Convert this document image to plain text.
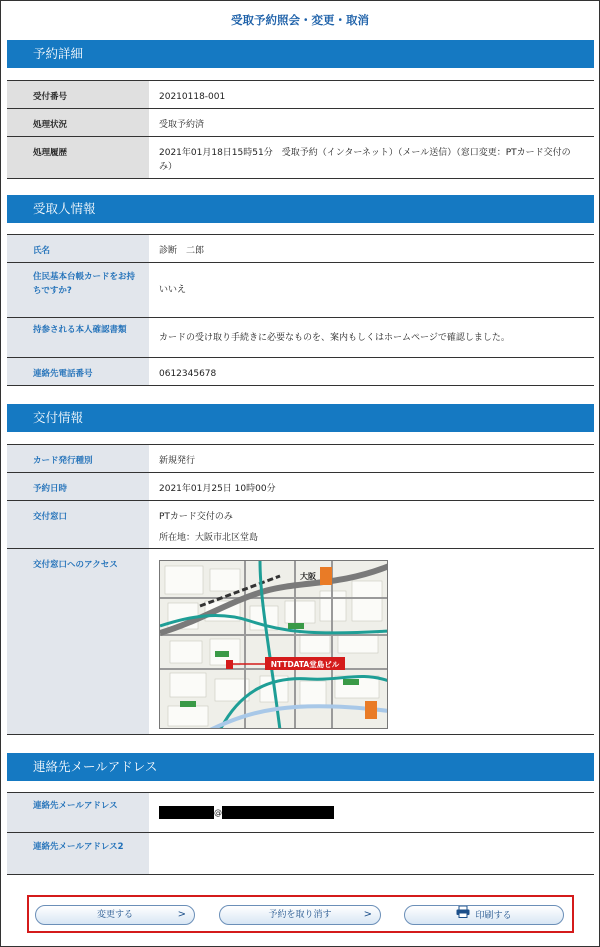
受取予約照会・変更・取消
予約詳細
受付番号	20210118-001
処理状況	受取予約済
処理履歴	2021年01月18日15時51分　受取予約（インターネット）（メール送信）（窓口変更：PTカード交付のみ）
受取人情報
氏名	診断　二郎
住民基本台帳カードをお持ちですか?	いいえ
持参される本人確認書類	カードの受け取り手続きに必要なものを、案内もしくはホームページで確認しました。
連絡先電話番号	0612345678
交付情報
カード発行種別	新規発行
予約日時	2021年01月25日 10時00分
交付窓口	PTカード交付のみ
所在地：大阪市北区堂島

交付窓口へのアクセス	NTTDATA堂島ビル
大阪
連絡先メールアドレス
連絡先メールアドレス	@
連絡先メールアドレス2	
変更する	>	予約を取り消す	>	印刷する
